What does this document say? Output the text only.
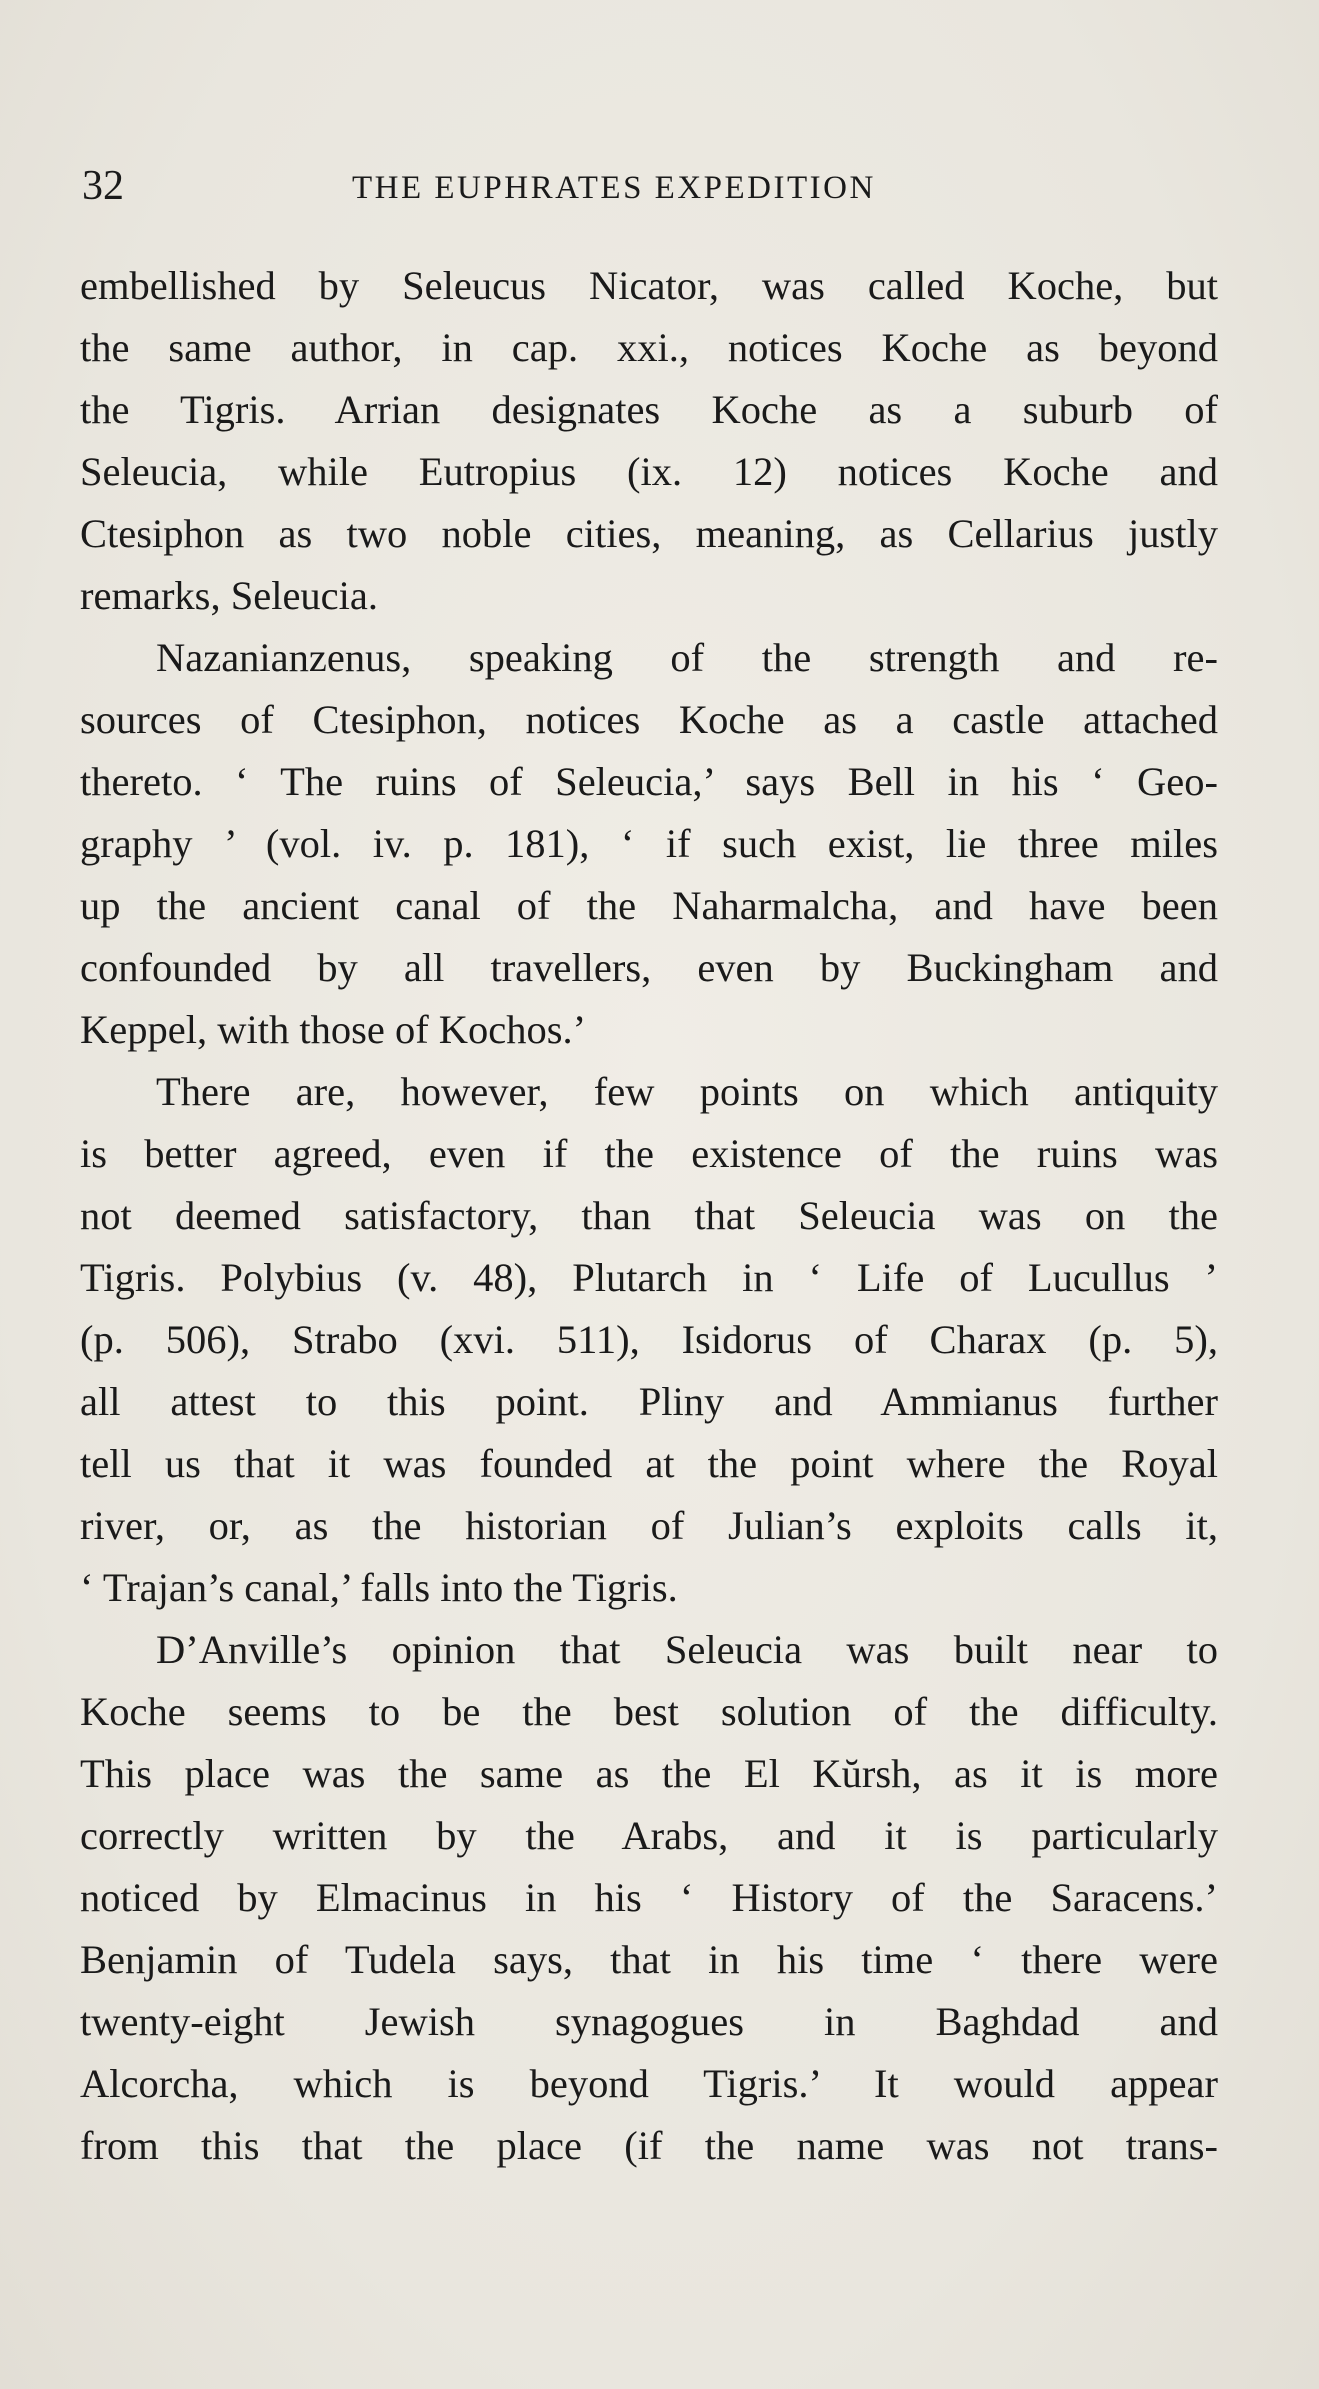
32	THE EUPHRATES EXPEDITION
embellished by Seleucus Nicator, was called Koche, but
the same author, in cap. xxi., notices Koche as beyond
the Tigris. Arrian designates Koche as a suburb of
Seleucia, while Eutropius (ix. 12) notices Koche and
Ctesiphon as two noble cities, meaning, as Cellarius justly
remarks, Seleucia.
Nazanianzenus, speaking of the strength and re-
sources of Ctesiphon, notices Koche as a castle attached
thereto. ‘ The ruins of Seleucia,’ says Bell in his ‘ Geo-
graphy ’ (vol. iv. p. 181), ‘ if such exist, lie three miles
up the ancient canal of the Naharmalcha, and have been
confounded by all travellers, even by Buckingham and
Keppel, with those of Kochos.’
There are, however, few points on which antiquity
is better agreed, even if the existence of the ruins was
not deemed satisfactory, than that Seleucia was on the
Tigris. Polybius (v. 48), Plutarch in ‘ Life of Lucullus ’
(p. 506), Strabo (xvi. 511), Isidorus of Charax (p. 5),
all attest to this point. Pliny and Ammianus further
tell us that it was founded at the point where the Royal
river, or, as the historian of Julian’s exploits calls it,
‘ Trajan’s canal,’ falls into the Tigris.
D’Anville’s opinion that Seleucia was built near to
Koche seems to be the best solution of the difficulty.
This place was the same as the El Kŭrsh, as it is more
correctly written by the Arabs, and it is particularly
noticed by Elmacinus in his ‘ History of the Saracens.’
Benjamin of Tudela says, that in his time ‘ there were
twenty-eight Jewish synagogues in Baghdad and
Alcorcha, which is beyond Tigris.’ It would appear
from this that the place (if the name was not trans-
